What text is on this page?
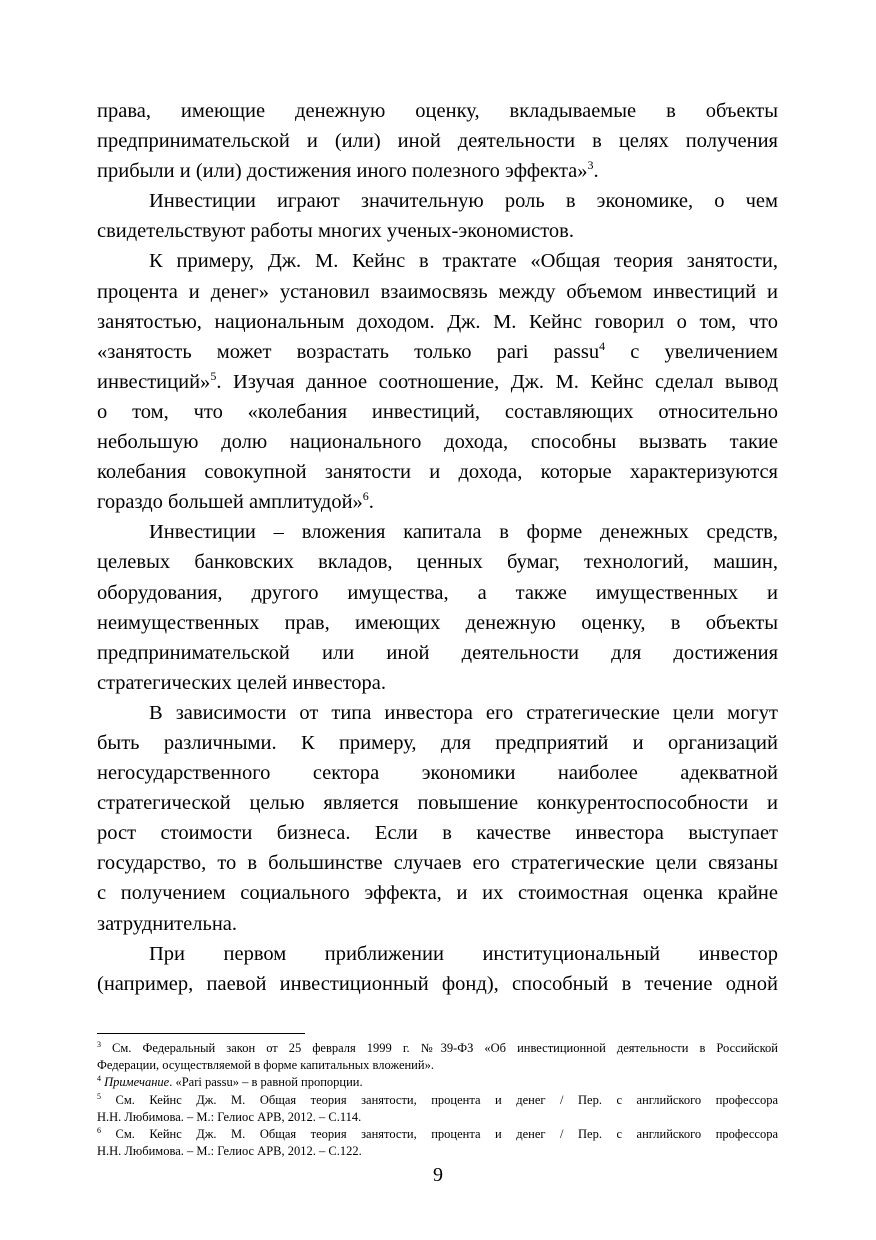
права, имеющие денежную оценку, вкладываемые в объекты
предпринимательской и (или) иной деятельности в целях получения
прибыли и (или) достижения иного полезного эффекта»$^3$.
Инвестиции играют значительную роль в экономике, о чем
свидетельствуют работы многих ученых-экономистов.
К примеру, Дж. М. Кейнс в трактате «Общая теория занятости,
процента и денег» установил взаимосвязь между объемом инвестиций и
занятостью, национальным доходом. Дж. М. Кейнс говорил о том, что
«занятость может возрастать только pari passu$^4$ с увеличением
инвестиций»$^5$. Изучая данное соотношение, Дж. М. Кейнс сделал вывод
о том, что «колебания инвестиций, составляющих относительно
небольшую долю национального дохода, способны вызвать такие
колебания совокупной занятости и дохода, которые характеризуются
гораздо большей амплитудой»$^6$.
Инвестиции – вложения капитала в форме денежных средств,
целевых банковских вкладов, ценных бумаг, технологий, машин,
оборудования, другого имущества, а также имущественных и
неимущественных прав, имеющих денежную оценку, в объекты
предпринимательской или иной деятельности для достижения
стратегических целей инвестора.
В зависимости от типа инвестора его стратегические цели могут
быть различными. К примеру, для предприятий и организаций
негосударственного сектора экономики наиболее адекватной
стратегической целью является повышение конкурентоспособности и
рост стоимости бизнеса. Если в качестве инвестора выступает
государство, то в большинстве случаев его стратегические цели связаны
с получением социального эффекта, и их стоимостная оценка крайне
затруднительна.
При первом приближении институциональный инвестор
(например, паевой инвестиционный фонд), способный в течение одной
$^3$ См. Федеральный закон от 25 февраля 1999 г. №39-ФЗ «Об инвестиционной деятельности в Российской
Федерации, осуществляемой в форме капитальных вложений».
$^4$ Примечание. «Pari passu» – в равной пропорции.
$^5$ См. Кейнс Дж. М. Общая теория занятости, процента и денег / Пер. с английского профессора
Н.Н. Любимова. – М.: Гелиос АРВ, 2012. – С.114.
$^6$ См. Кейнс Дж. М. Общая теория занятости, процента и денег / Пер. с английского профессора
Н.Н. Любимова. – М.: Гелиос АРВ, 2012. – С.122.
9
